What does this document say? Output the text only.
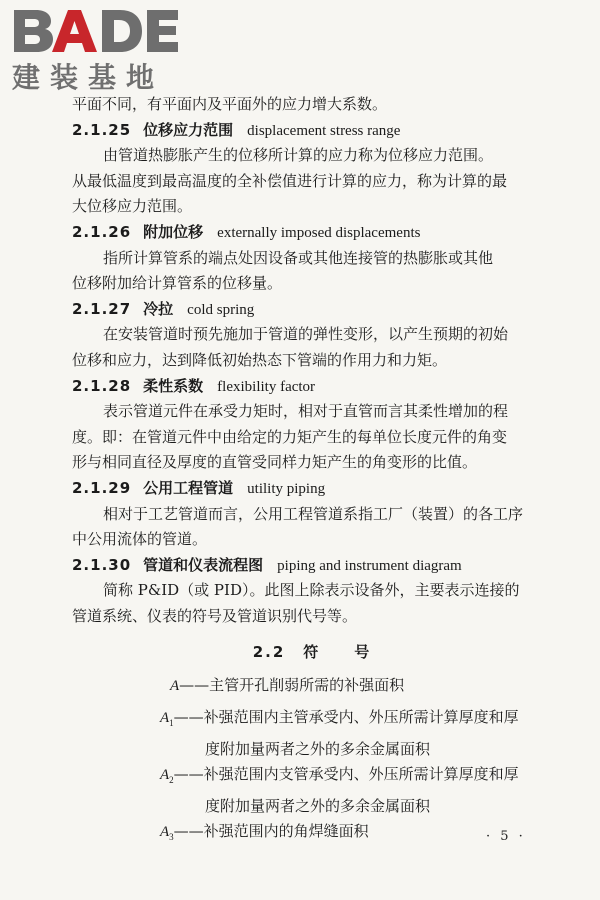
建装基地
平面不同，有平面内及平面外的应力增大系数。
2.1.25 位移应力范围 displacement stress range
由管道热膨胀产生的位移所计算的应力称为位移应力范围。
从最低温度到最高温度的全补偿值进行计算的应力，称为计算的最
大位移应力范围。
2.1.26 附加位移 externally imposed displacements
指所计算管系的端点处因设备或其他连接管的热膨胀或其他
位移附加给计算管系的位移量。
2.1.27 冷拉 cold spring
在安装管道时预先施加于管道的弹性变形，以产生预期的初始
位移和应力，达到降低初始热态下管端的作用力和力矩。
2.1.28 柔性系数 flexibility factor
表示管道元件在承受力矩时，相对于直管而言其柔性增加的程
度。即：在管道元件中由给定的力矩产生的每单位长度元件的角变
形与相同直径及厚度的直管受同样力矩产生的角变形的比值。
2.1.29 公用工程管道 utility piping
相对于工艺管道而言，公用工程管道系指工厂（装置）的各工序
中公用流体的管道。
2.1.30 管道和仪表流程图 piping and instrument diagram
简称 P&ID（或 PID）。此图上除表示设备外，主要表示连接的
管道系统、仪表的符号及管道识别代号等。
2.2 符 号
A——主管开孔削弱所需的补强面积
$A_1——$补强范围内主管承受内、外压所需计算厚度和厚
度附加量两者之外的多余金属面积
$A_2——$补强范围内支管承受内、外压所需计算厚度和厚
度附加量两者之外的多余金属面积
$A_3——$补强范围内的角焊缝面积	· 5 ·
